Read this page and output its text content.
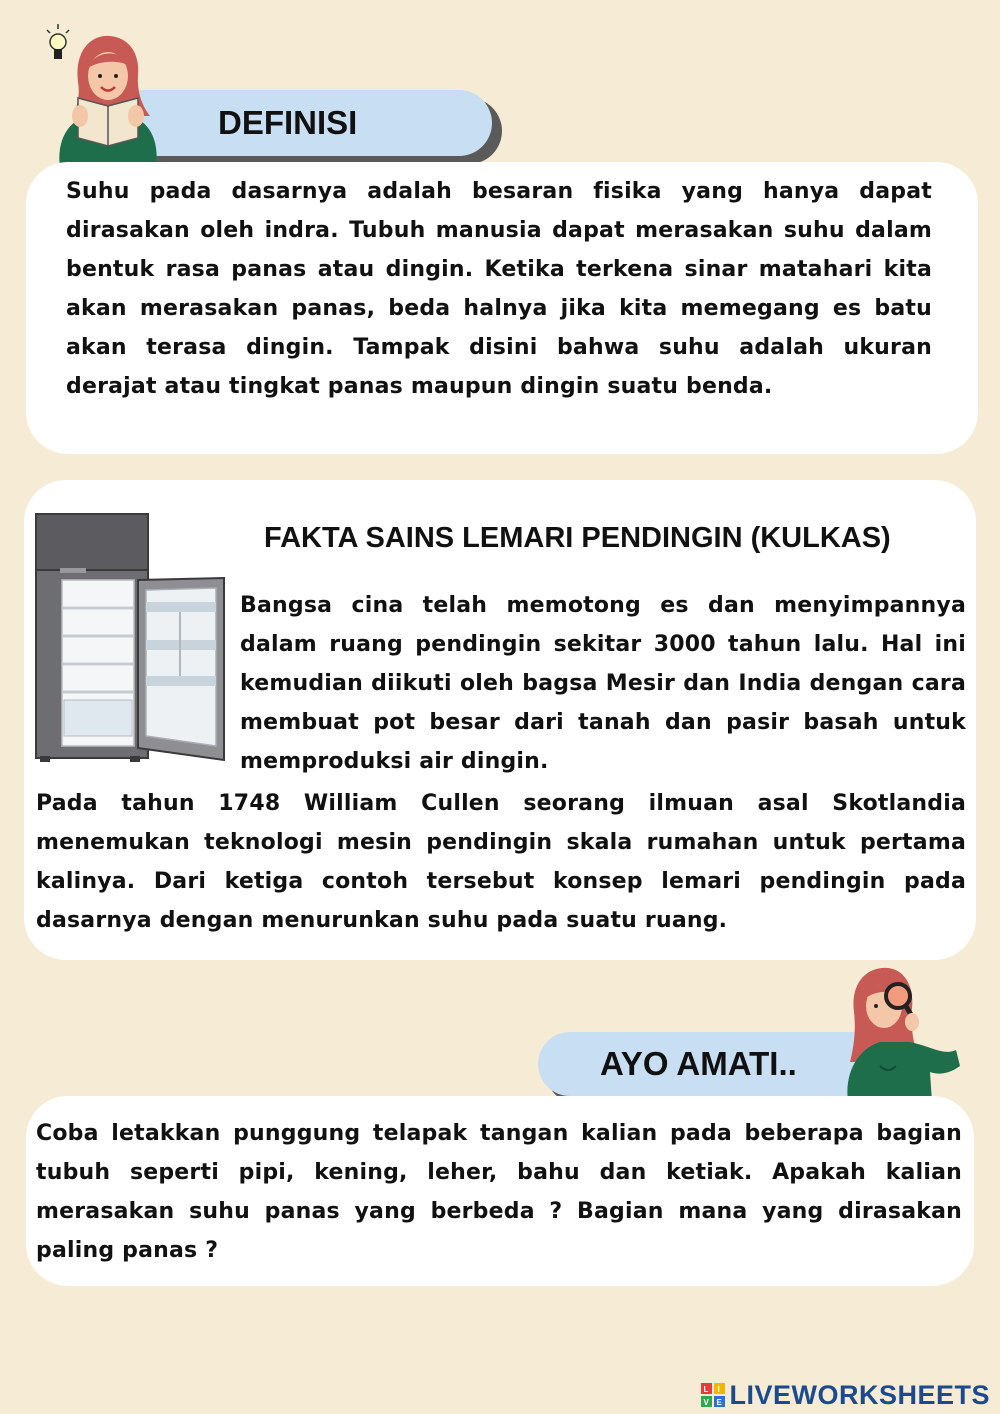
DEFINISI

Suhu pada dasarnya adalah besaran fisika yang hanya dapat dirasakan oleh indra. Tubuh manusia dapat merasakan suhu dalam bentuk rasa panas atau dingin. Ketika terkena sinar matahari kita akan merasakan panas, beda halnya jika kita memegang es batu akan terasa dingin. Tampak disini bahwa suhu adalah ukuran derajat atau tingkat panas maupun dingin suatu benda.

FAKTA SAINS LEMARI PENDINGIN (KULKAS)

Bangsa cina telah memotong es dan menyimpannya dalam ruang pendingin sekitar 3000 tahun lalu. Hal ini kemudian diikuti oleh bagsa Mesir dan India dengan cara membuat pot besar dari tanah dan pasir basah untuk memproduksi air dingin.

Pada tahun 1748 William Cullen seorang ilmuan asal Skotlandia menemukan teknologi mesin pendingin skala rumahan untuk pertama kalinya. Dari ketiga contoh tersebut konsep lemari pendingin pada dasarnya dengan menurunkan suhu pada suatu ruang.

AYO AMATI..

Coba letakkan punggung telapak tangan kalian pada beberapa bagian tubuh seperti pipi, kening, leher, bahu dan ketiak. Apakah kalian merasakan suhu panas yang berbeda ? Bagian mana yang dirasakan paling panas ?

L I
V E LIVEWORKSHEETS
